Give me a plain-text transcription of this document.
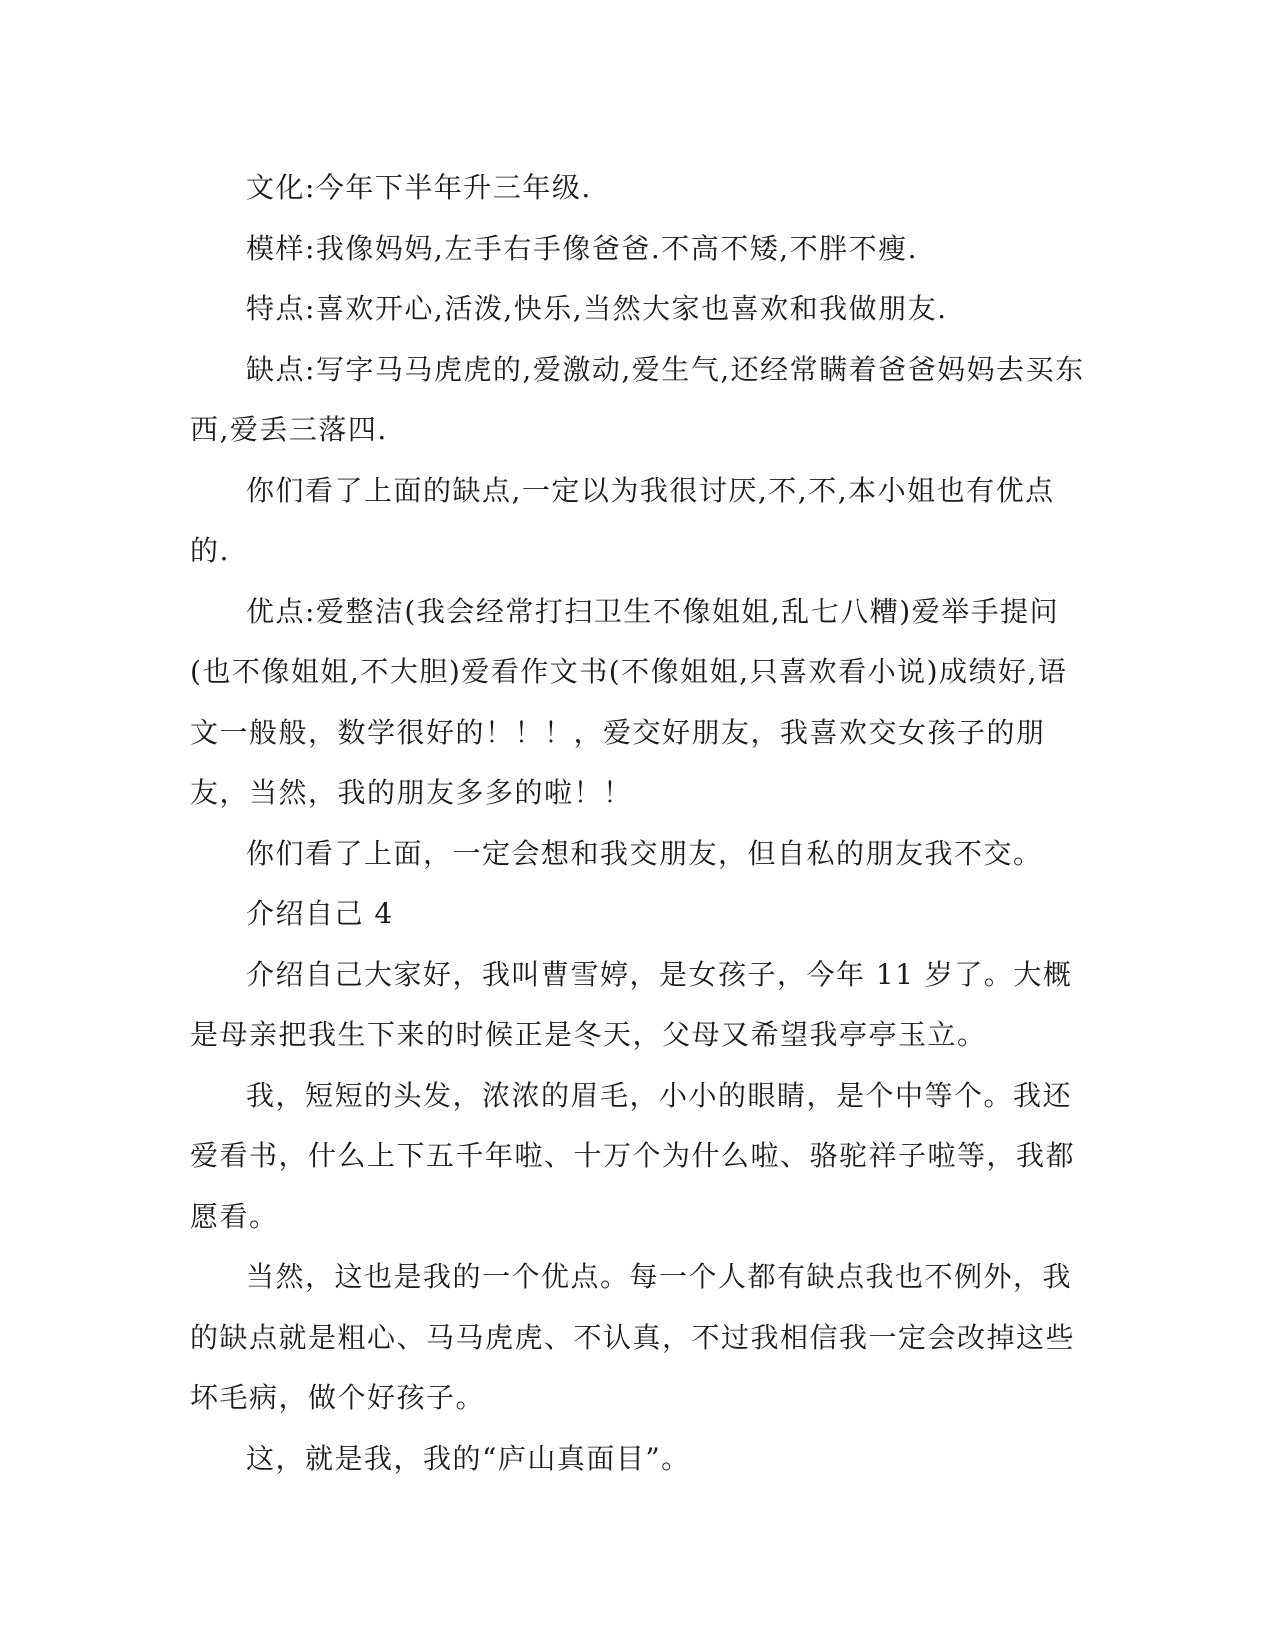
文化:今年下半年升三年级.

模样:我像妈妈,左手右手像爸爸.不高不矮,不胖不瘦.

特点:喜欢开心,活泼,快乐,当然大家也喜欢和我做朋友.

缺点:写字马马虎虎的,爱激动,爱生气,还经常瞒着爸爸妈妈去买东西,爱丢三落四.

你们看了上面的缺点,一定以为我很讨厌,不,不,本小姐也有优点的.

优点:爱整洁(我会经常打扫卫生不像姐姐,乱七八糟)爱举手提问(也不像姐姐,不大胆)爱看作文书(不像姐姐,只喜欢看小说)成绩好,语文一般般，数学很好的！！！，爱交好朋友，我喜欢交女孩子的朋友，当然，我的朋友多多的啦！！

你们看了上面，一定会想和我交朋友，但自私的朋友我不交。

介绍自己 4

介绍自己大家好，我叫曹雪婷，是女孩子，今年 11 岁了。大概是母亲把我生下来的时候正是冬天，父母又希望我亭亭玉立。

我，短短的头发，浓浓的眉毛，小小的眼睛，是个中等个。我还爱看书，什么上下五千年啦、十万个为什么啦、骆驼祥子啦等，我都愿看。

当然，这也是我的一个优点。每一个人都有缺点我也不例外，我的缺点就是粗心、马马虎虎、不认真，不过我相信我一定会改掉这些坏毛病，做个好孩子。

这，就是我，我的“庐山真面目”。
